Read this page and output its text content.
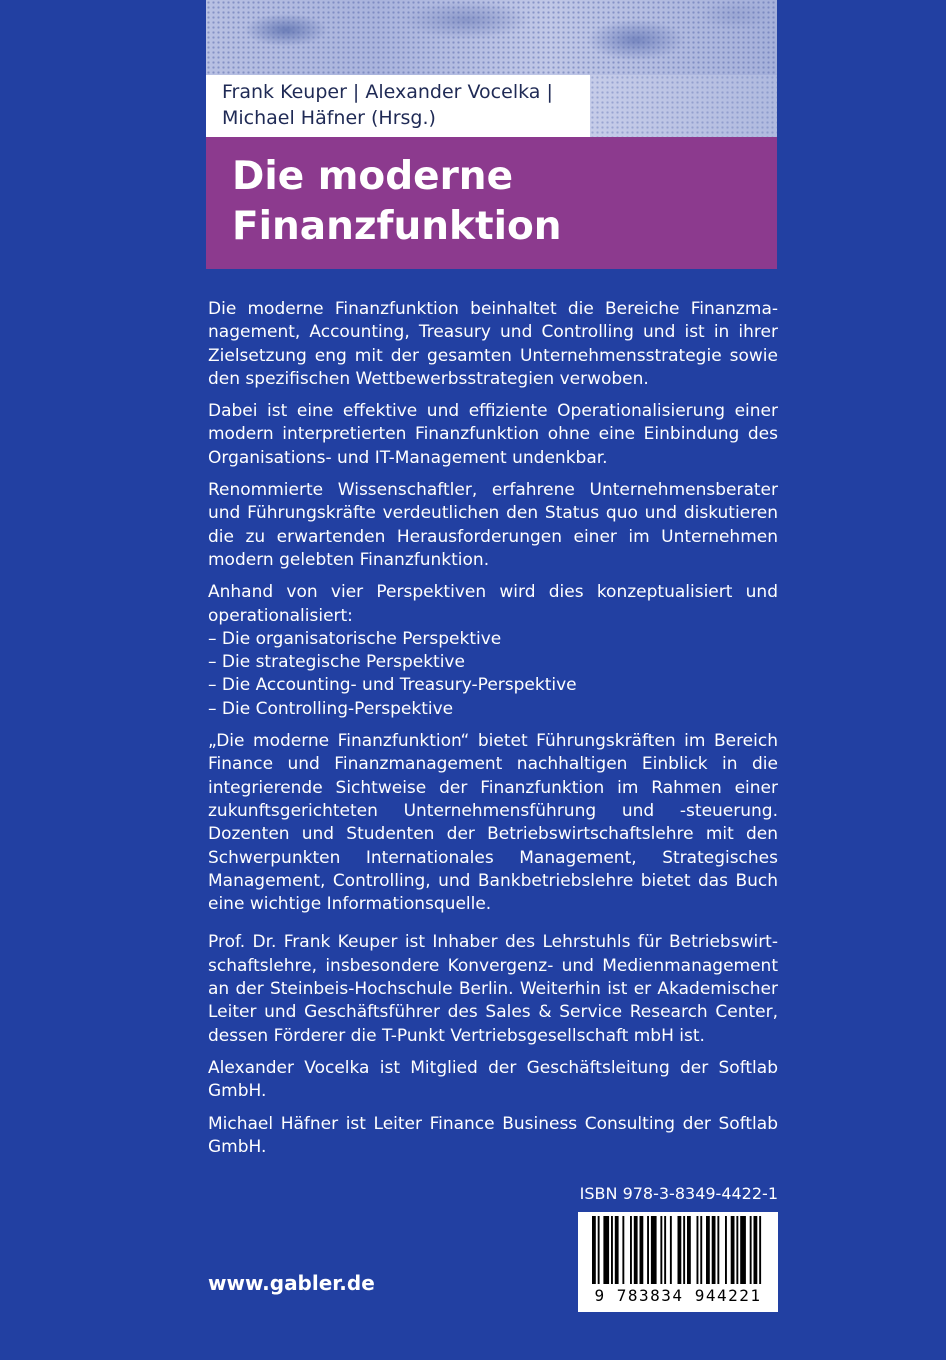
Frank Keuper | Alexander Vocelka |
Michael Häfner (Hrsg.)
Die moderne
Finanzfunktion

Die moderne Finanzfunktion beinhaltet die Bereiche Finanzmanagement, Accounting, Treasury und Controlling und ist in ihrer Zielsetzung eng mit der gesamten Unternehmensstrategie sowie den spezifischen Wettbewerbsstrategien verwoben.

Dabei ist eine effektive und effiziente Operationalisierung einer modern interpretierten Finanzfunktion ohne eine Einbindung des Organisations- und IT-Management undenkbar.

Renommierte Wissenschaftler, erfahrene Unternehmensberater und Führungskräfte verdeutlichen den Status quo und diskutieren die zu erwartenden Herausforderungen einer im Unternehmen modern gelebten Finanzfunktion.

Anhand von vier Perspektiven wird dies konzeptualisiert und operationalisiert:

– Die organisatorische Perspektive
– Die strategische Perspektive
– Die Accounting- und Treasury-Perspektive
– Die Controlling-Perspektive

„Die moderne Finanzfunktion“ bietet Führungskräften im Bereich Finance und Finanzmanagement nachhaltigen Einblick in die integrierende Sichtweise der Finanzfunktion im Rahmen einer zukunftsgerichteten Unternehmensführung und -steuerung. Dozenten und Studenten der Betriebswirtschaftslehre mit den Schwerpunkten Internationales Management, Strategisches Management, Controlling, und Bankbetriebslehre bietet das Buch eine wichtige Informationsquelle.

Prof. Dr. Frank Keuper ist Inhaber des Lehrstuhls für Betriebswirtschaftslehre, insbesondere Konvergenz- und Medienmanagement an der Steinbeis-Hochschule Berlin. Weiterhin ist er Akademischer Leiter und Geschäftsführer des Sales & Service Research Center, dessen Förderer die T-Punkt Vertriebsgesellschaft mbH ist.

Alexander Vocelka ist Mitglied der Geschäftsleitung der Softlab GmbH.

Michael Häfner ist Leiter Finance Business Consulting der Softlab GmbH.

ISBN 978-3-8349-4422-1
9 783834 944221
www.gabler.de
